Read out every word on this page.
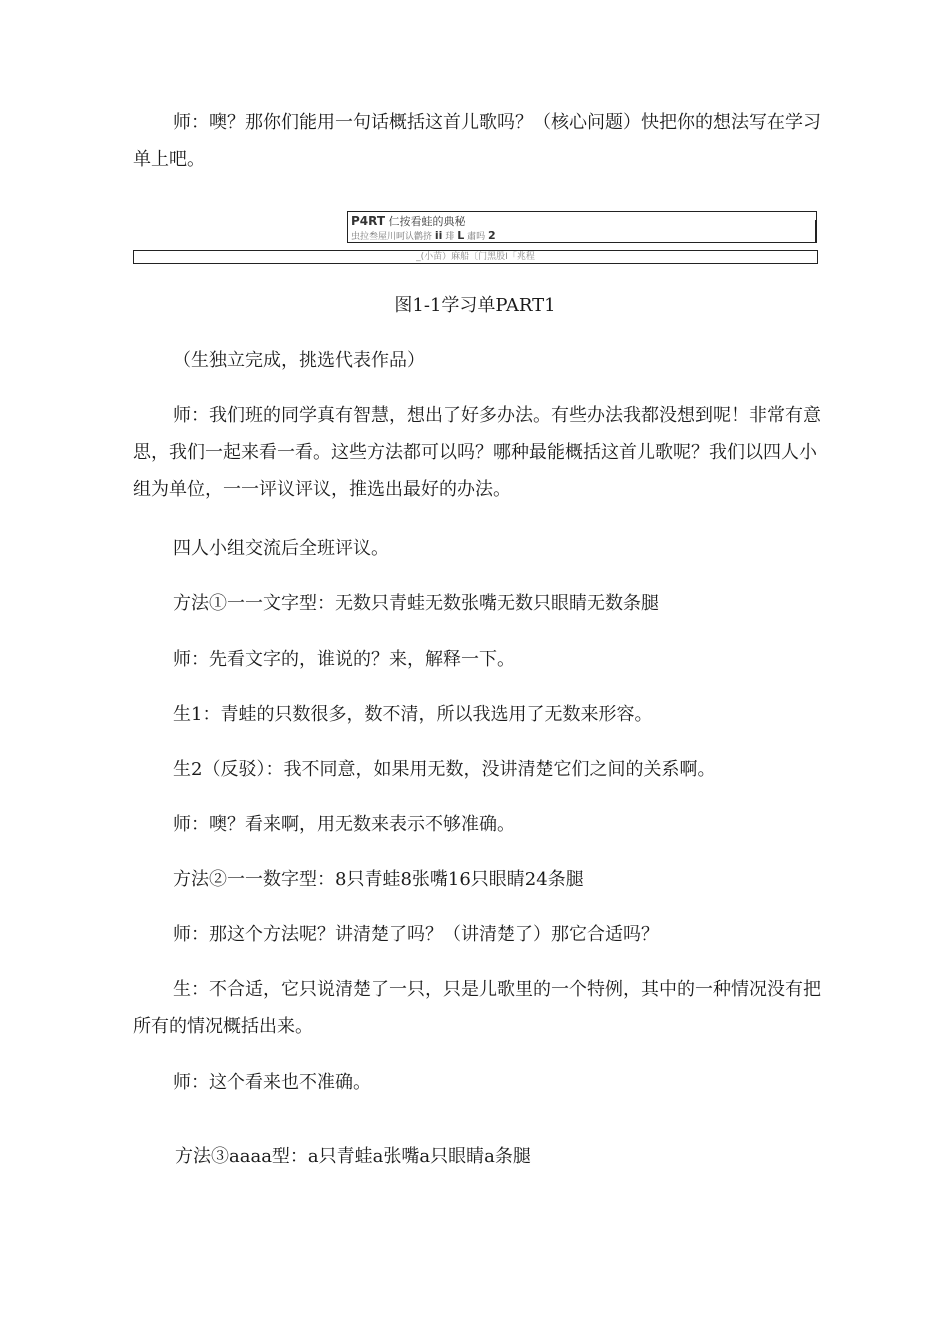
师：噢？那你们能用一句话概括这首儿歌吗？（核心问题）快把你的想法写在学习单上吧。

P4RT 仁按看蛙的典秘
虫拉叁屋川呵认鹳挤 ii 琲 L 肅吗 2
_(小苗）麻船〔门黑股Ⅰ「兆程
图1-1学习单PART1

（生独立完成，挑选代表作品）

师：我们班的同学真有智慧，想出了好多办法。有些办法我都没想到呢！非常有意思，我们一起来看一看。这些方法都可以吗？哪种最能概括这首儿歌呢？我们以四人小组为单位，一一评议评议，推选出最好的办法。

四人小组交流后全班评议。

方法①一一文字型：无数只青蛙无数张嘴无数只眼睛无数条腿

师：先看文字的，谁说的？来，解释一下。

生1：青蛙的只数很多，数不清，所以我选用了无数来形容。

生2（反驳）：我不同意，如果用无数，没讲清楚它们之间的关系啊。

师：噢？看来啊，用无数来表示不够准确。

方法②一一数字型：8只青蛙8张嘴16只眼睛24条腿

师：那这个方法呢？讲清楚了吗？（讲清楚了）那它合适吗？

生：不合适，它只说清楚了一只，只是儿歌里的一个特例，其中的一种情况没有把所有的情况概括出来。

师：这个看来也不准确。

方法③aaaa型：a只青蛙a张嘴a只眼睛a条腿
